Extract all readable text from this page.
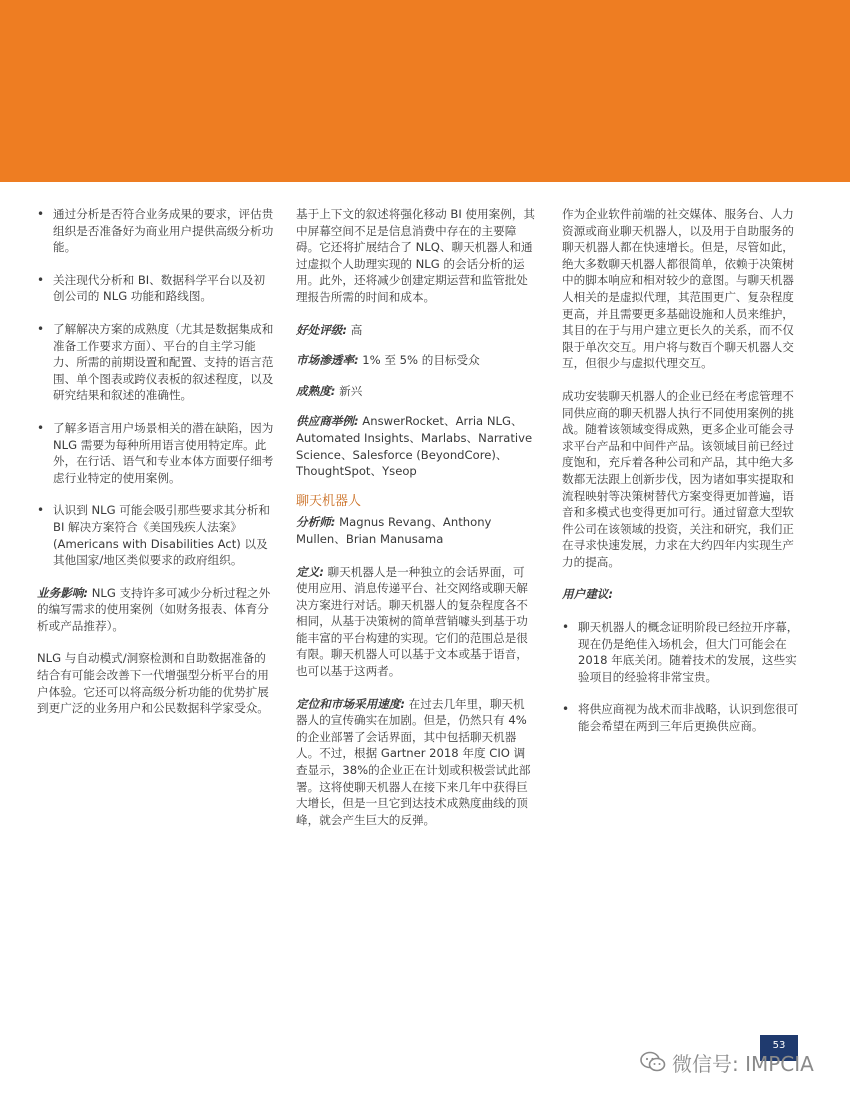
• 通过分析是否符合业务成果的要求，评估贵组织是否准备好为商业用户提供高级分析功能。
• 关注现代分析和 BI、数据科学平台以及初创公司的 NLG 功能和路线图。
• 了解解决方案的成熟度（尤其是数据集成和准备工作要求方面）、平台的自主学习能力、所需的前期设置和配置、支持的语言范围、单个图表或跨仪表板的叙述程度，以及研究结果和叙述的准确性。
• 了解多语言用户场景相关的潜在缺陷，因为 NLG 需要为每种所用语言使用特定库。此外，在行话、语气和专业本体方面要仔细考虑行业特定的使用案例。
• 认识到 NLG 可能会吸引那些要求其分析和 BI 解决方案符合《美国残疾人法案》(Americans with Disabilities Act) 以及其他国家/地区类似要求的政府组织。

业务影响: NLG 支持许多可减少分析过程之外的编写需求的使用案例（如财务报表、体育分析或产品推荐）。

NLG 与自动模式/洞察检测和自助数据准备的结合有可能会改善下一代增强型分析平台的用户体验。它还可以将高级分析功能的优势扩展到更广泛的业务用户和公民数据科学家受众。

基于上下文的叙述将强化移动 BI 使用案例，其中屏幕空间不足是信息消费中存在的主要障碍。它还将扩展结合了 NLQ、聊天机器人和通过虚拟个人助理实现的 NLG 的会话分析的运用。此外，还将减少创建定期运营和监管批处理报告所需的时间和成本。

好处评级: 高

市场渗透率: 1% 至 5% 的目标受众

成熟度: 新兴

供应商举例: AnswerRocket、Arria NLG、Automated Insights、Marlabs、Narrative Science、Salesforce (BeyondCore)、ThoughtSpot、Yseop

聊天机器人

分析师: Magnus Revang、Anthony Mullen、Brian Manusama

定义: 聊天机器人是一种独立的会话界面，可使用应用、消息传递平台、社交网络或聊天解决方案进行对话。聊天机器人的复杂程度各不相同，从基于决策树的简单营销噱头到基于功能丰富的平台构建的实现。它们的范围总是很有限。聊天机器人可以基于文本或基于语音，也可以基于这两者。

定位和市场采用速度: 在过去几年里，聊天机器人的宣传确实在加剧。但是，仍然只有 4% 的企业部署了会话界面，其中包括聊天机器人。不过，根据 Gartner 2018 年度 CIO 调查显示，38%的企业正在计划或积极尝试此部署。这将使聊天机器人在接下来几年中获得巨大增长，但是一旦它到达技术成熟度曲线的顶峰，就会产生巨大的反弹。

作为企业软件前端的社交媒体、服务台、人力资源或商业聊天机器人，以及用于自助服务的聊天机器人都在快速增长。但是，尽管如此，绝大多数聊天机器人都很简单，依赖于决策树中的脚本响应和相对较少的意图。与聊天机器人相关的是虚拟代理，其范围更广、复杂程度更高，并且需要更多基础设施和人员来维护，其目的在于与用户建立更长久的关系，而不仅限于单次交互。用户将与数百个聊天机器人交互，但很少与虚拟代理交互。

成功安装聊天机器人的企业已经在考虑管理不同供应商的聊天机器人执行不同使用案例的挑战。随着该领域变得成熟，更多企业可能会寻求平台产品和中间件产品。该领域目前已经过度饱和，充斥着各种公司和产品，其中绝大多数都无法跟上创新步伐，因为诸如事实提取和流程映射等决策树替代方案变得更加普遍，语音和多模式也变得更加可行。通过留意大型软件公司在该领域的投资，关注和研究，我们正在寻求快速发展，力求在大约四年内实现生产力的提高。

用户建议:

• 聊天机器人的概念证明阶段已经拉开序幕，现在仍是绝佳入场机会，但大门可能会在 2018 年底关闭。随着技术的发展，这些实验项目的经验将非常宝贵。
• 将供应商视为战术而非战略，认识到您很可能会希望在两到三年后更换供应商。
53
微信号: IMPCIA
